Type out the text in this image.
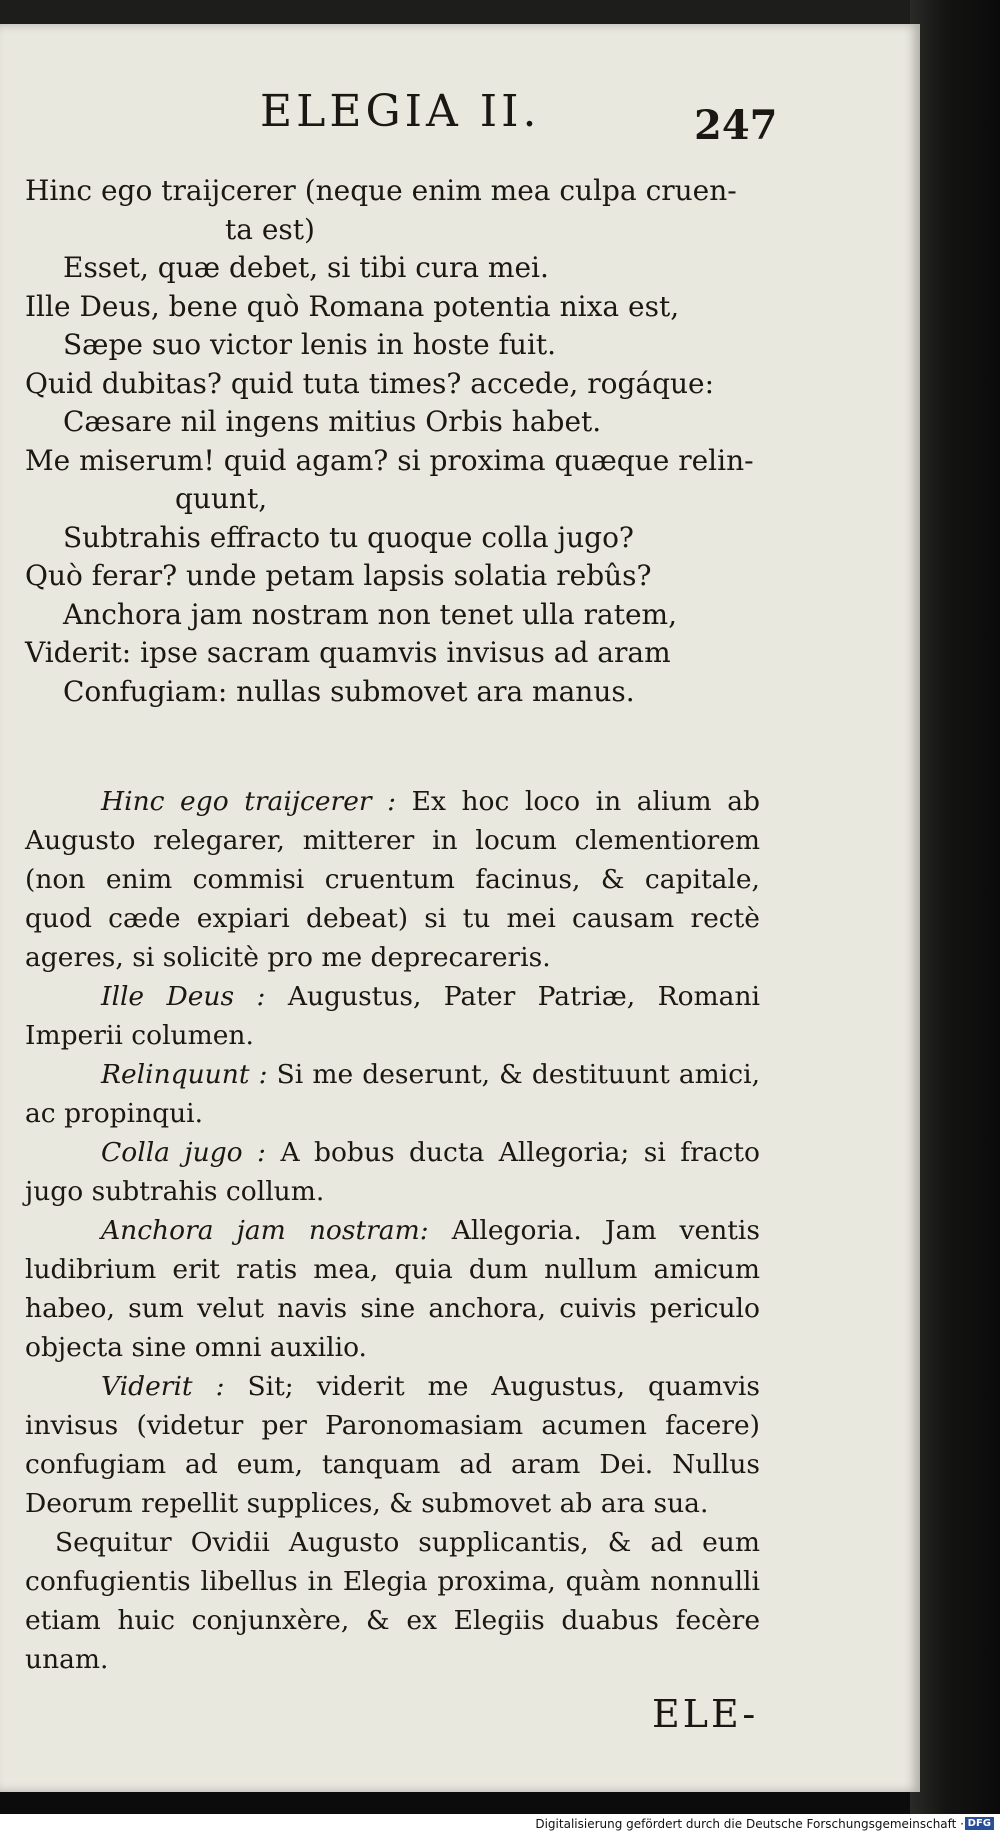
ELEGIA II.	247
Hinc ego traijcerer (neque enim mea culpa cruen-
ta est)
Esset, quæ debet, si tibi cura mei.
Ille Deus, bene quò Romana potentia nixa est,
Sæpe suo victor lenis in hoste fuit.
Quid dubitas? quid tuta times? accede, rogáque:
Cæsare nil ingens mitius Orbis habet.
Me miserum! quid agam? si proxima quæque relin-
quunt,
Subtrahis effracto tu quoque colla jugo?
Quò ferar? unde petam lapsis solatia rebûs?
Anchora jam nostram non tenet ulla ratem,
Viderit: ipse sacram quamvis invisus ad aram
Confugiam: nullas submovet ara manus.

Hinc ego traijcerer : Ex hoc loco in alium ab Augusto relegarer, mitterer in locum clementiorem (non enim commisi cruentum facinus, & capitale, quod cæde expiari debeat) si tu mei causam rectè ageres, si solicitè pro me deprecareris.

Ille Deus : Augustus, Pater Patriæ, Romani Imperii columen.

Relinquunt : Si me deserunt, & destituunt amici, ac propinqui.

Colla jugo : A bobus ducta Allegoria; si fracto jugo subtrahis collum.

Anchora jam nostram: Allegoria. Jam ventis ludibrium erit ratis mea, quia dum nullum amicum habeo, sum velut navis sine anchora, cuivis periculo objecta sine omni auxilio.

Viderit : Sit; viderit me Augustus, quamvis invisus (videtur per Paronomasiam acumen facere) confugiam ad eum, tanquam ad aram Dei. Nullus Deorum repellit supplices, & submovet ab ara sua.

Sequitur Ovidii Augusto supplicantis, & ad eum confugientis libellus in Elegia proxima, quàm nonnulli etiam huic conjunxère, & ex Elegiis duabus fecère unam.

ELE-
Digitalisierung gefördert durch die Deutsche Forschungsgemeinschaft · DFG
